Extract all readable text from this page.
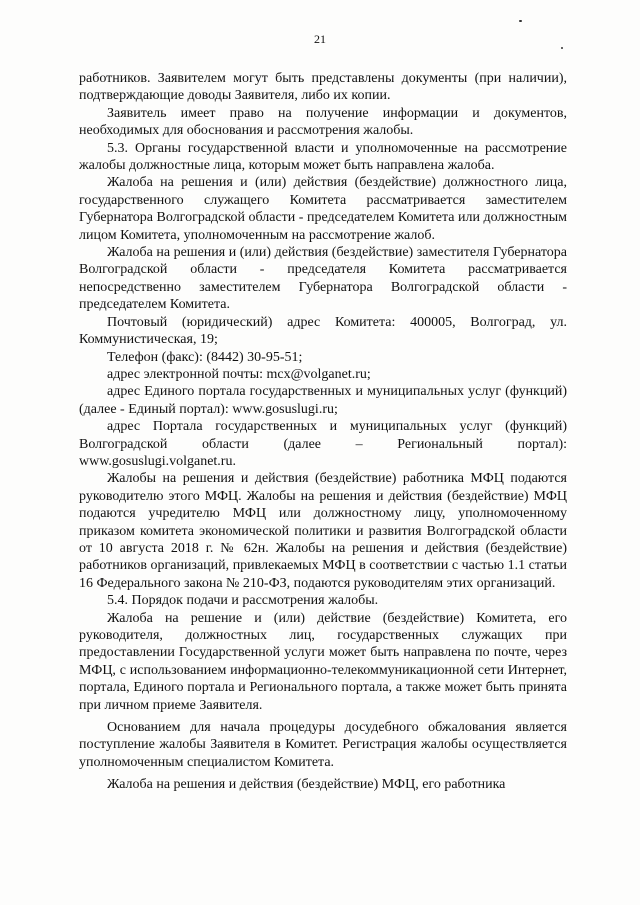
21

работников. Заявителем могут быть представлены документы (при наличии), подтверждающие доводы Заявителя, либо их копии.

Заявитель имеет право на получение информации и документов, необходимых для обоснования и рассмотрения жалобы.

5.3. Органы государственной власти и уполномоченные на рассмотрение жалобы должностные лица, которым может быть направлена жалоба.

Жалоба на решения и (или) действия (бездействие) должностного лица, государственного служащего Комитета рассматривается заместителем Губернатора Волгоградской области - председателем Комитета или должностным лицом Комитета, уполномоченным на рассмотрение жалоб.

Жалоба на решения и (или) действия (бездействие) заместителя Губернатора Волгоградской области - председателя Комитета рассматривается непосредственно заместителем Губернатора Волгоградской области - председателем Комитета.

Почтовый (юридический) адрес Комитета: 400005, Волгоград, ул. Коммунистическая, 19;

Телефон (факс): (8442) 30-95-51;

адрес электронной почты: mcx@volganet.ru;

адрес Единого портала государственных и муниципальных услуг (функций) (далее - Единый портал): www.gosuslugi.ru;

адрес Портала государственных и муниципальных услуг (функций) Волгоградской области (далее – Региональный портал): www.gosuslugi.volganet.ru.

Жалобы на решения и действия (бездействие) работника МФЦ подаются руководителю этого МФЦ. Жалобы на решения и действия (бездействие) МФЦ подаются учредителю МФЦ или должностному лицу, уполномоченному приказом комитета экономической политики и развития Волгоградской области от 10 августа 2018 г. № 62н. Жалобы на решения и действия (бездействие) работников организаций, привлекаемых МФЦ в соответствии с частью 1.1 статьи 16 Федерального закона № 210-ФЗ, подаются руководителям этих организаций.

5.4. Порядок подачи и рассмотрения жалобы.

Жалоба на решение и (или) действие (бездействие) Комитета, его руководителя, должностных лиц, государственных служащих при предоставлении Государственной услуги может быть направлена по почте, через МФЦ, с использованием информационно-телекоммуникационной сети Интернет, портала, Единого портала и Регионального портала, а также может быть принята при личном приеме Заявителя.

Основанием для начала процедуры досудебного обжалования является поступление жалобы Заявителя в Комитет. Регистрация жалобы осуществляется уполномоченным специалистом Комитета.

Жалоба на решения и действия (бездействие) МФЦ, его работника
